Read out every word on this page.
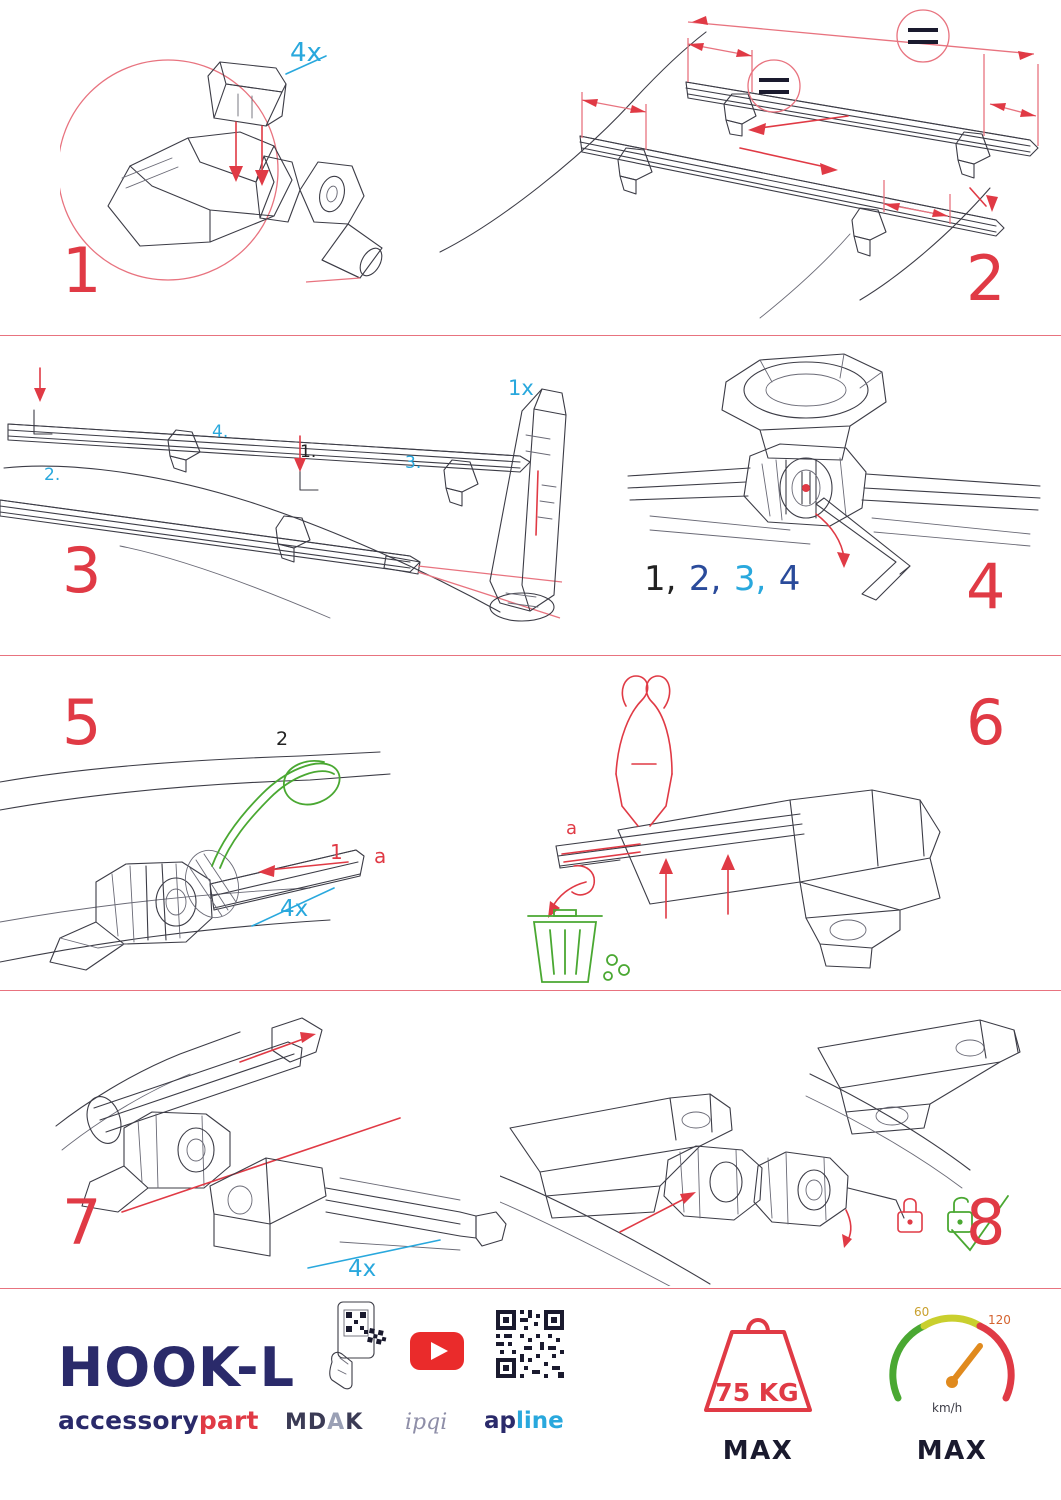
1
4x
2
3
1.
2.
3.
4.
1x
4
1, 2, 3, 4
5
1 a
2
4x
6
a
7
4x
8
HOOK-L
accessorypart MDAK ipqi apline
75 KG
MAX
60
120
km/h
MAX
